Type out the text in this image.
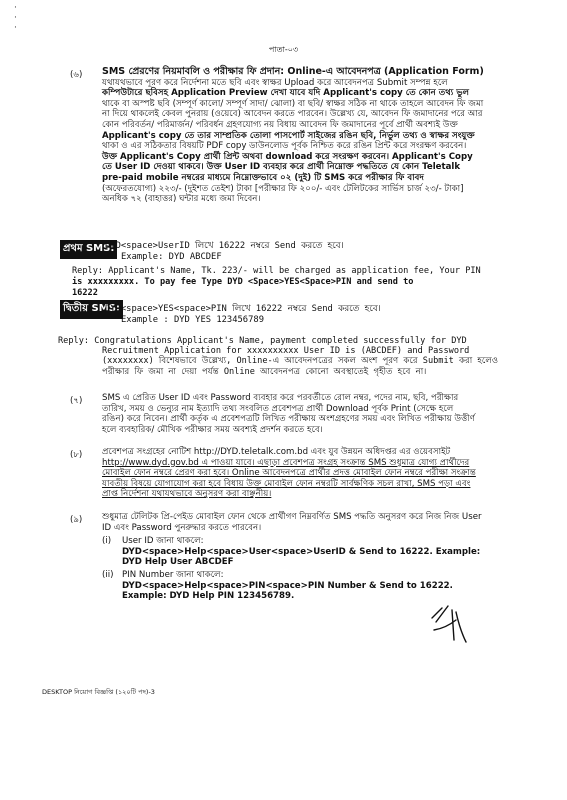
·
·
·
পাতা-০৩
(৬) SMS প্রেরণের নিয়মাবলি ও পরীক্ষার ফি প্রদান: Online-এ আবেদনপত্র (Application Form)
যথাযথভাবে পূরণ করে নির্দেশনা মতে ছবি এবং স্বাক্ষর Upload করে আবেদনপত্র Submit সম্পন্ন হলে
কম্পিউটারে ছবিসহ Application Preview দেখা যাবে যদি Applicant's copy তে কোন তথ্য ভুল
থাকে বা অস্পষ্ট ছবি (সম্পূর্ণ কালো/ সম্পূর্ণ সাদা/ ঝোলা) বা ছবি/ স্বাক্ষর সঠিক না থাকে তাহলে আবেদন ফি জমা
না দিয়ে থাকলেই কেবল পুনরায় (ওয়েবে) আবেদন করতে পারবেন। উল্লেখ্য যে, আবেদন ফি জমাদানের পরে আর
কোন পরিবর্তন/ পরিমার্জন/ পরিবর্ধন গ্রহণযোগ্য নয় বিধায় আবেদন ফি জমাদানের পূর্বে প্রার্থী অবশ্যই উক্ত
Applicant's copy তে তার সাম্প্রতিক তোলা পাসপোর্ট সাইজের রঙিন ছবি, নির্ভুল তথ্য ও স্বাক্ষর সংযুক্ত
থাকা ও এর সঠিকতার বিষয়টি PDF copy ডাউনলোড পূর্বক নিশ্চিত করে রঙিন প্রিন্ট করে সংরক্ষণ করবেন।
উক্ত Applicant's Copy প্রার্থী প্রিন্ট অথবা download করে সংরক্ষণ করবেন। Applicant's Copy
তে User ID দেওয়া থাকবে। উক্ত User ID ব্যবহার করে প্রার্থী নিম্নোক্ত পদ্ধতিতে যে কোন Teletalk
pre-paid mobile নম্বরের মাধ্যমে নিম্নোক্তভাবে ০২ (দুই) টি SMS করে পরীক্ষার ফি বাবদ
(অফেরতযোগ্য) ২২৩/- (দুইশত তেইশ) টাকা [পরীক্ষার ফি ২০০/- এবং টেলিটকের সার্ভিস চার্জ ২৩/- টাকা]
অনধিক ৭২ (বাহাত্তর) ঘন্টার মধ্যে জমা দিবেন।
প্রথম SMS:
DYD<space>UserID লিখে 16222 নম্বরে Send করতে হবে।
Example: DYD ABCDEF
Reply: Applicant's Name, Tk. 223/- will be charged as application fee, Your PIN
is xxxxxxxxx. To pay fee Type DYD <Space>YES<Space>PIN and send to
16222
দ্বিতীয় SMS:
DYD<space>YES<space>PIN লিখে 16222 নম্বরে Send করতে হবে।
Example : DYD YES 123456789
Reply: Congratulations Applicant's Name, payment completed successfully for DYD
Recruitment Application for xxxxxxxxxx User ID is (ABCDEF) and Password
(xxxxxxxx) বিশেষভাবে উল্লেখ্য, Online-এ আবেদনপত্রের সকল অংশ পূরণ করে Submit করা হলেও
পরীক্ষার ফি জমা না দেয়া পর্যন্ত Online আবেদনপত্র কোনো অবস্থাতেই গৃহীত হবে না।
(৭) SMS এ প্রেরিত User ID এবং Password ব্যবহার করে পরবর্তীতে রোল নম্বর, পদের নাম, ছবি, পরীক্ষার
তারিখ, সময় ও ভেন্যুর নাম ইত্যাদি তথ্য সংবলিত প্রবেশপত্র প্রার্থী Download পূর্বক Print (সেক্ষে হলে
রঙিন) করে নিবেন। প্রার্থী কর্তৃক এ প্রবেশপত্রটি লিখিত পরীক্ষায় অংশগ্রহণের সময় এবং লিখিত পরীক্ষায় উত্তীর্ণ
হলে ব্যবহারিক/ মৌখিক পরীক্ষার সময় অবশ্যই প্রদর্শন করতে হবে।
(৮) প্রবেশপত্র সংগ্রহের নোটিশ http://DYD.teletalk.com.bd এবং যুব উন্নয়ন অধিদপ্তর এর ওয়েবসাইট
http://www.dyd.gov.bd এ পাওয়া যাবে। এছাড়া প্রবেশপত্র সংগ্রহ সংক্রান্ত SMS শুধুমাত্র যোগ্য প্রার্থীদের
মোবাইল ফোন নম্বরে প্রেরণ করা হবে। Online আবেদনপত্রে প্রার্থীর প্রদত্ত মোবাইল ফোন নম্বরে পরীক্ষা সংক্রান্ত
যাবতীয় বিষয়ে যোগাযোগ করা হবে বিধায় উক্ত মোবাইল ফোন নম্বরটি সার্বক্ষণিক সচল রাখা, SMS পড়া এবং
প্রাপ্ত নির্দেশনা যথাযথভাবে অনুসরণ করা বাঞ্ছনীয়।
(৯) শুধুমাত্র টেলিটক প্রি-পেইড মোবাইল ফোন থেকে প্রার্থীগণ নিম্নবর্ণিত SMS পদ্ধতি অনুসরণ করে নিজ নিজ User
ID এবং Password পুনরুদ্ধার করতে পারবেন।
(i) User ID জানা থাকলে:
DYD<space>Help<space>User<space>UserID & Send to 16222. Example:
DYD Help User ABCDEF
(ii) PIN Number জানা থাকলে:
DYD<space>Help<space>PIN<space>PIN Number & Send to 16222.
Example: DYD Help PIN 123456789.
DESKTOP নিয়োগ বিজ্ঞপ্তি (১২০টি পদ)-3
